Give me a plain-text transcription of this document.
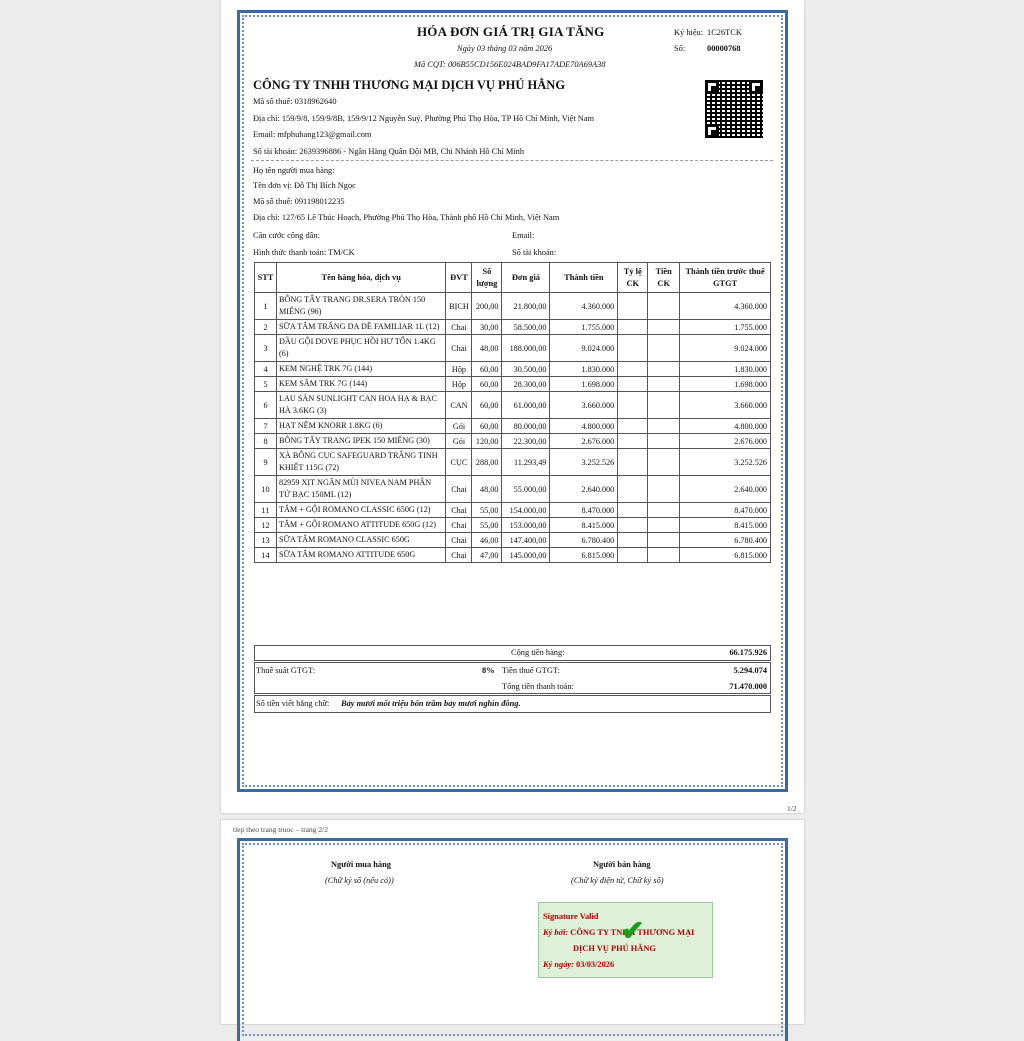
HÓA ĐƠN GIÁ TRỊ GIA TĂNG
Ngày 03 tháng 03 năm 2026
Mã CQT: 006B55CD156E024BAD9FA17ADE70A69A38
Ký hiệu: 1C26TCK
Số:	00000768
CÔNG TY TNHH THƯƠNG MẠI DỊCH VỤ PHÚ HẰNG
Mã số thuế: 0318962640
Địa chỉ: 159/9/8, 159/9/8B, 159/9/12 Nguyễn Suý, Phường Phú Thọ Hòa, TP Hồ Chí Minh, Việt Nam
Email: mfphuhang123@gmail.com
Số tài khoản: 2639396886 - Ngân Hàng Quân Đội MB, Chi Nhánh Hồ Chí Minh
Họ tên người mua hàng:
Tên đơn vị: Đỗ Thị Bích Ngọc
Mã số thuế: 091198012235
Địa chỉ: 127/65 Lê Thúc Hoạch, Phường Phú Thọ Hòa, Thành phố Hồ Chí Minh, Việt Nam
Căn cước công dân:	Email:
Hình thức thanh toán: TM/CK	Số tài khoản:
STT	Tên hàng hóa, dịch vụ	ĐVT	Số lượng	Đơn giá	Thành tiền	Tỷ lệ CK	Tiền CK	Thành tiền trước thuế GTGT
1	BÔNG TẨY TRANG DR.SERA TRÒN 150 MIẾNG (96)	BỊCH	200,00	21.800,00	4.360.000			4.360.000
2	SỮA TẮM TRẮNG DA DÊ FAMILIAR 1L (12)	Chai	30,00	58.500,00	1.755.000			1.755.000
3	DẦU GỘI DOVE PHỤC HỒI HƯ TỔN 1.4KG (6)	Chai	48,00	188.000,00	9.024.000			9.024.000
4	KEM NGHỆ TRK 7G (144)	Hộp	60,00	30.500,00	1.830.000			1.830.000
5	KEM SÂM TRK 7G (144)	Hộp	60,00	28.300,00	1.698.000			1.698.000
6	LAU SÀN SUNLIGHT CAN HOA HẠ & BẠC HÀ 3.6KG (3)	CAN	60,00	61.000,00	3.660.000			3.660.000
7	HẠT NÊM KNORR 1.8KG (6)	Gói	60,00	80.000,00	4.800.000			4.800.000
8	BÔNG TẨY TRANG IPEK 150 MIẾNG (30)	Gói	120,00	22.300,00	2.676.000			2.676.000
9	XÀ BÔNG CỤC SAFEGUARD TRẮNG TINH KHIẾT 115G (72)	CỤC	288,00	11.293,49	3.252.526			3.252.526
10	82959 XỊT NGĂN MÙI NIVEA NAM PHÂN TỬ BẠC 150ML (12)	Chai	48,00	55.000,00	2.640.000			2.640.000
11	TẮM + GỘI ROMANO CLASSIC 650G (12)	Chai	55,00	154.000,00	8.470.000			8.470.000
12	TẮM + GỘI ROMANO ATTITUDE 650G (12)	Chai	55,00	153.000,00	8.415.000			8.415.000
13	SỮA TẮM ROMANO CLASSIC 650G	Chai	46,00	147.400,00	6.780.400			6.780.400
14	SỮA TẮM ROMANO ATTITUDE 650G	Chai	47,00	145.000,00	6.815.000			6.815.000
Cộng tiền hàng:	66.175.926
Thuế suất GTGT:	8% Tiền thuế GTGT:	5.294.074
Tổng tiền thanh toán:	71.470.000
Số tiền viết bằng chữ: Bảy mươi mốt triệu bốn trăm bảy mươi nghìn đồng.
1/2
tiep theo trang truoc – trang 2/2
Người mua hàng
(Chữ ký số (nếu có))
Người bán hàng
(Chữ ký điện tử, Chữ ký số)
✔
Signature Valid
Ký bởi: CÔNG TY TNHH THƯƠNG MẠI
DỊCH VỤ PHÚ HẰNG
Ký ngày: 03/03/2026
